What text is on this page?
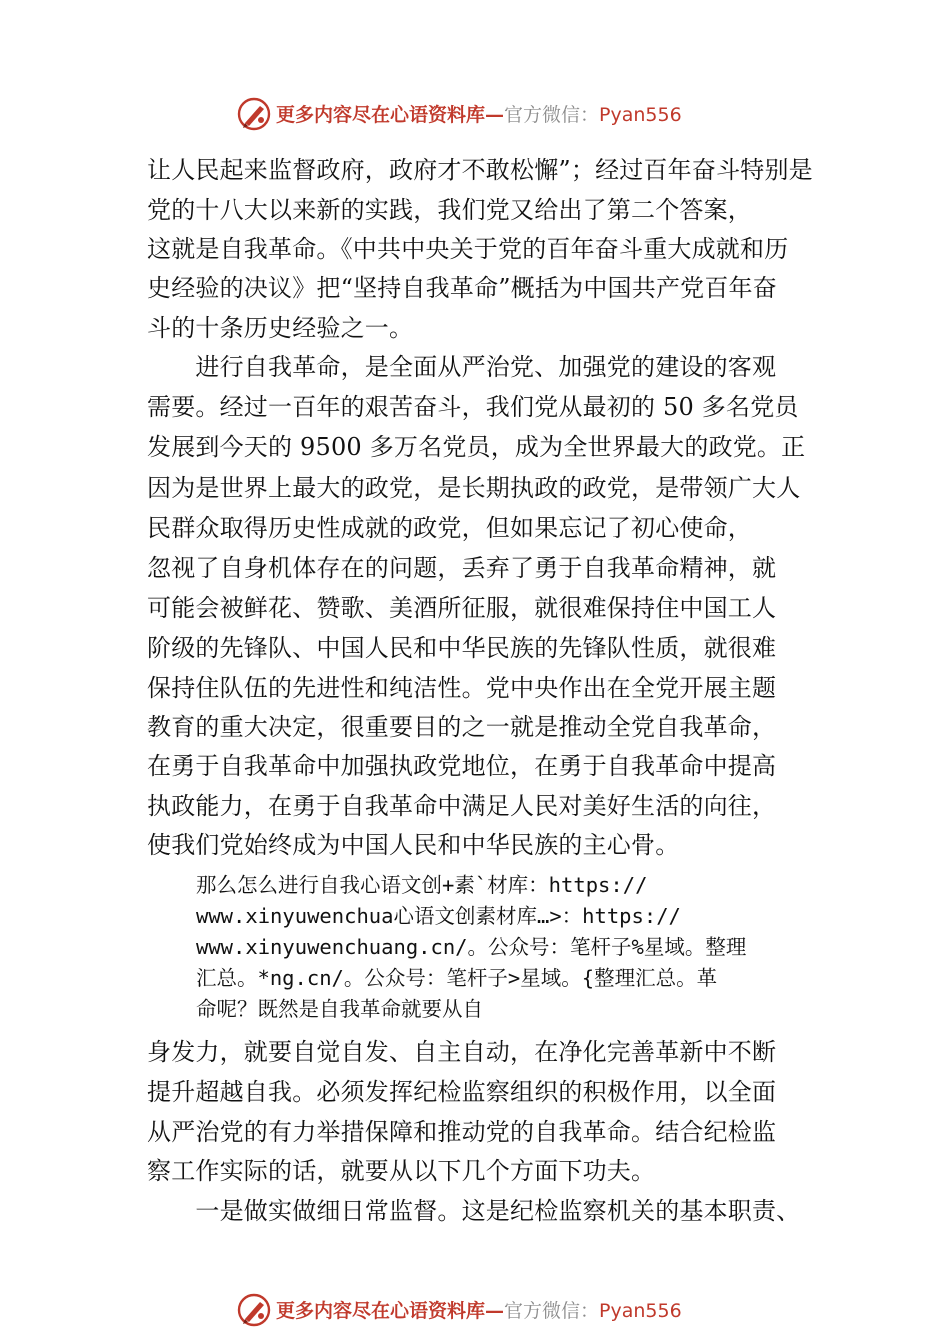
更多内容尽在心语资料库—官方微信：Pyan556
让人民起来监督政府，政府才不敢松懈”；经过百年奋斗特别是
党的十八大以来新的实践，我们党又给出了第二个答案，
这就是自我革命。《中共中央关于党的百年奋斗重大成就和历
史经验的决议》把“坚持自我革命”概括为中国共产党百年奋
斗的十条历史经验之一。
　　进行自我革命，是全面从严治党、加强党的建设的客观
需要。经过一百年的艰苦奋斗，我们党从最初的 50 多名党员
发展到今天的 9500 多万名党员，成为全世界最大的政党。正
因为是世界上最大的政党，是长期执政的政党，是带领广大人
民群众取得历史性成就的政党，但如果忘记了初心使命，
忽视了自身机体存在的问题，丢弃了勇于自我革命精神，就
可能会被鲜花、赞歌、美酒所征服，就很难保持住中国工人
阶级的先锋队、中国人民和中华民族的先锋队性质，就很难
保持住队伍的先进性和纯洁性。党中央作出在全党开展主题
教育的重大决定，很重要目的之一就是推动全党自我革命，
在勇于自我革命中加强执政党地位，在勇于自我革命中提高
执政能力，在勇于自我革命中满足人民对美好生活的向往，
使我们党始终成为中国人民和中华民族的主心骨。
那么怎么进行自我心语文创+素`材库：https://
www.xinyuwenchua心语文创素材库…>：https://
www.xinyuwenchuang.cn/。公众号：笔杆子%星域。整理
汇总。*ng.cn/。公众号：笔杆子>星域。{整理汇总。革
命呢？既然是自我革命就要从自
身发力，就要自觉自发、自主自动，在净化完善革新中不断
提升超越自我。必须发挥纪检监察组织的积极作用，以全面
从严治党的有力举措保障和推动党的自我革命。结合纪检监
察工作实际的话，就要从以下几个方面下功夫。
　　一是做实做细日常监督。这是纪检监察机关的基本职责、
更多内容尽在心语资料库—官方微信：Pyan556
